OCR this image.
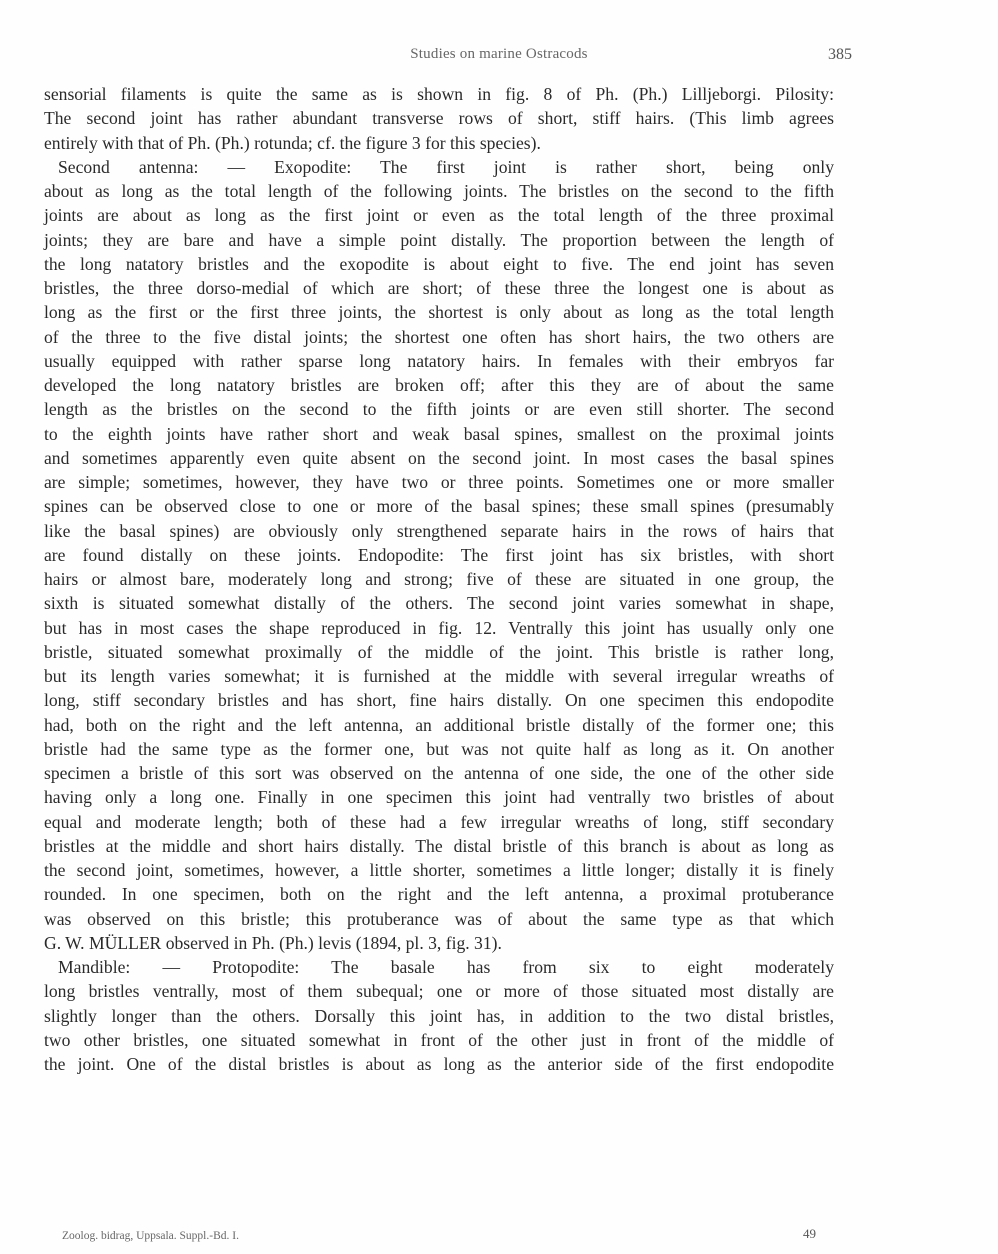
Studies on marine Ostracods	385
sensorial filaments is quite the same as is shown in fig. 8 of Ph. (Ph.) Lilljeborgi. Pilosity:
The second joint has rather abundant transverse rows of short, stiff hairs. (This limb agrees
entirely with that of Ph. (Ph.) rotunda; cf. the figure 3 for this species).
Second antenna: — Exopodite: The first joint is rather short, being only
about as long as the total length of the following joints. The bristles on the second to the fifth
joints are about as long as the first joint or even as the total length of the three proximal
joints; they are bare and have a simple point distally. The proportion between the length of
the long natatory bristles and the exopodite is about eight to five. The end joint has seven
bristles, the three dorso-medial of which are short; of these three the longest one is about as
long as the first or the first three joints, the shortest is only about as long as the total length
of the three to the five distal joints; the shortest one often has short hairs, the two others are
usually equipped with rather sparse long natatory hairs. In females with their embryos far
developed the long natatory bristles are broken off; after this they are of about the same
length as the bristles on the second to the fifth joints or are even still shorter. The second
to the eighth joints have rather short and weak basal spines, smallest on the proximal joints
and sometimes apparently even quite absent on the second joint. In most cases the basal spines
are simple; sometimes, however, they have two or three points. Sometimes one or more smaller
spines can be observed close to one or more of the basal spines; these small spines (presumably
like the basal spines) are obviously only strengthened separate hairs in the rows of hairs that
are found distally on these joints. Endopodite: The first joint has six bristles, with short
hairs or almost bare, moderately long and strong; five of these are situated in one group, the
sixth is situated somewhat distally of the others. The second joint varies somewhat in shape,
but has in most cases the shape reproduced in fig. 12. Ventrally this joint has usually only one
bristle, situated somewhat proximally of the middle of the joint. This bristle is rather long,
but its length varies somewhat; it is furnished at the middle with several irregular wreaths of
long, stiff secondary bristles and has short, fine hairs distally. On one specimen this endopodite
had, both on the right and the left antenna, an additional bristle distally of the former one; this
bristle had the same type as the former one, but was not quite half as long as it. On another
specimen a bristle of this sort was observed on the antenna of one side, the one of the other side
having only a long one. Finally in one specimen this joint had ventrally two bristles of about
equal and moderate length; both of these had a few irregular wreaths of long, stiff secondary
bristles at the middle and short hairs distally. The distal bristle of this branch is about as long as
the second joint, sometimes, however, a little shorter, sometimes a little longer; distally it is finely
rounded. In one specimen, both on the right and the left antenna, a proximal protuberance
was observed on this bristle; this protuberance was of about the same type as that which
G. W. MÜLLER observed in Ph. (Ph.) levis (1894, pl. 3, fig. 31).
Mandible: — Protopodite: The basale has from six to eight moderately
long bristles ventrally, most of them subequal; one or more of those situated most distally are
slightly longer than the others. Dorsally this joint has, in addition to the two distal bristles,
two other bristles, one situated somewhat in front of the other just in front of the middle of
the joint. One of the distal bristles is about as long as the anterior side of the first endopodite
Zoolog. bidrag, Uppsala. Suppl.-Bd. I.	49
